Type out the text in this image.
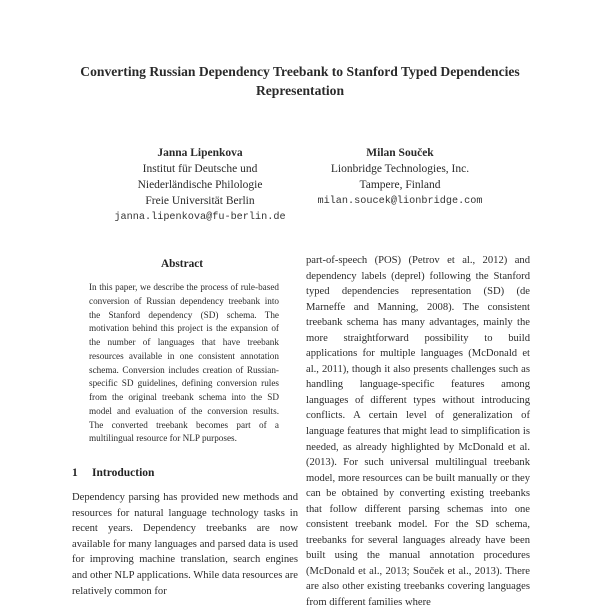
Converting Russian Dependency Treebank to Stanford Typed Dependencies Representation
Janna Lipenkova
Institut für Deutsche und
Niederländische Philologie
Freie Universität Berlin
janna.lipenkova@fu-berlin.de
Milan Souček
Lionbridge Technologies, Inc.
Tampere, Finland
milan.soucek@lionbridge.com
Abstract
In this paper, we describe the process of rule-based conversion of Russian dependency treebank into the Stanford dependency (SD) schema. The motivation behind this project is the expansion of the number of languages that have treebank resources available in one consistent annotation schema. Conversion includes creation of Russian-specific SD guidelines, defining conversion rules from the original treebank schema into the SD model and evaluation of the conversion results. The converted treebank becomes part of a multilingual resource for NLP purposes.
1 Introduction
Dependency parsing has provided new methods and resources for natural language technology tasks in recent years. Dependency treebanks are now available for many languages and parsed data is used for improving machine translation, search engines and other NLP applications. While data resources are relatively common for
part-of-speech (POS) (Petrov et al., 2012) and dependency labels (deprel) following the Stanford typed dependencies representation (SD) (de Marneffe and Manning, 2008). The consistent treebank schema has many advantages, mainly the more straightforward possibility to build applications for multiple languages (McDonald et al., 2011), though it also presents challenges such as handling language-specific features among languages of different types without introducing conflicts. A certain level of generalization of language features that might lead to simplification is needed, as already highlighted by McDonald et al. (2013). For such universal multilingual treebank model, more resources can be built manually or they can be obtained by converting existing treebanks that follow different parsing schemas into one consistent treebank model. For the SD schema, treebanks for several languages already have been built using the manual annotation procedures (McDonald et al., 2013; Souček et al., 2013). There are also other existing treebanks covering languages from different families where
